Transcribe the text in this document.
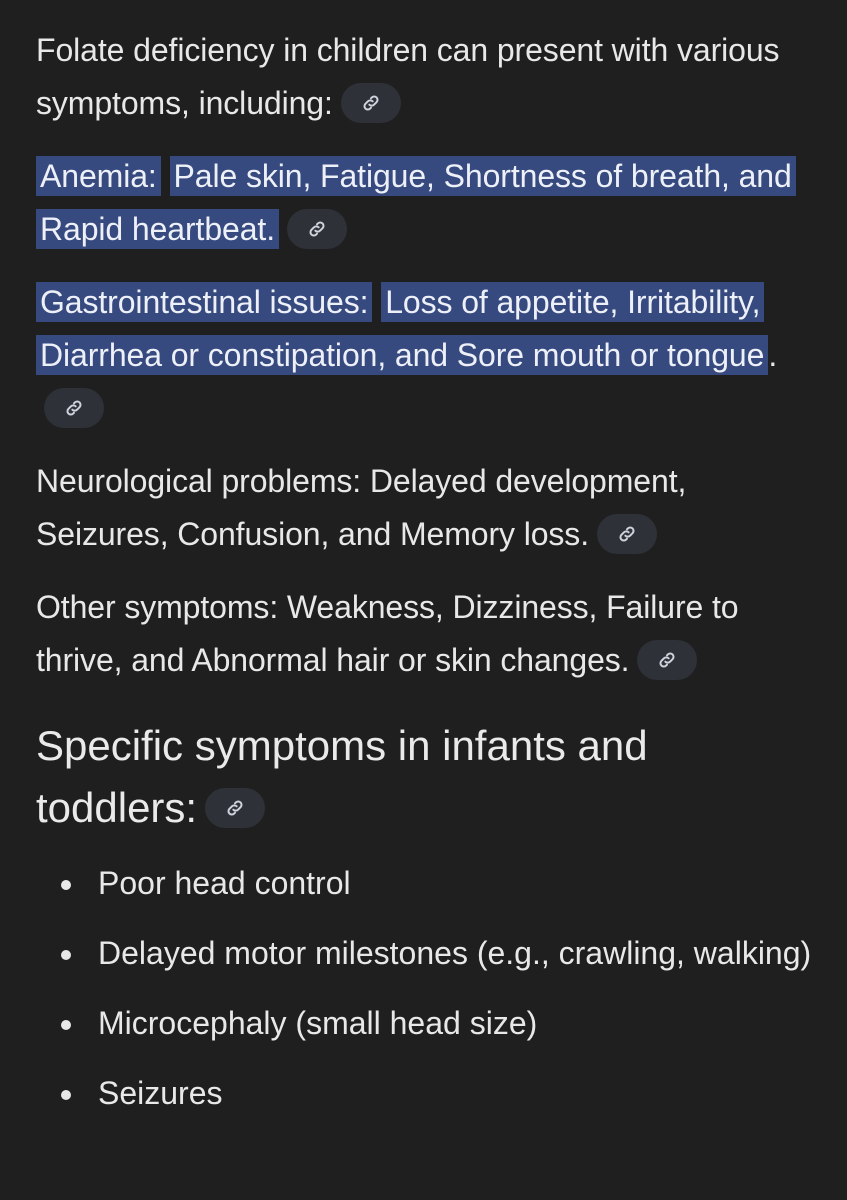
Folate deficiency in children can present with various symptoms, including:

Anemia: Pale skin, Fatigue, Shortness of breath, and Rapid heartbeat.

Gastrointestinal issues: Loss of appetite, Irritability, Diarrhea or constipation, and Sore mouth or tongue .

Neurological problems: Delayed development, Seizures, Confusion, and Memory loss.

Other symptoms: Weakness, Dizziness, Failure to thrive, and Abnormal hair or skin changes.

Specific symptoms in infants and toddlers:
Poor head control
Delayed motor milestones (e.g., crawling, walking)
Microcephaly (small head size)
Seizures
